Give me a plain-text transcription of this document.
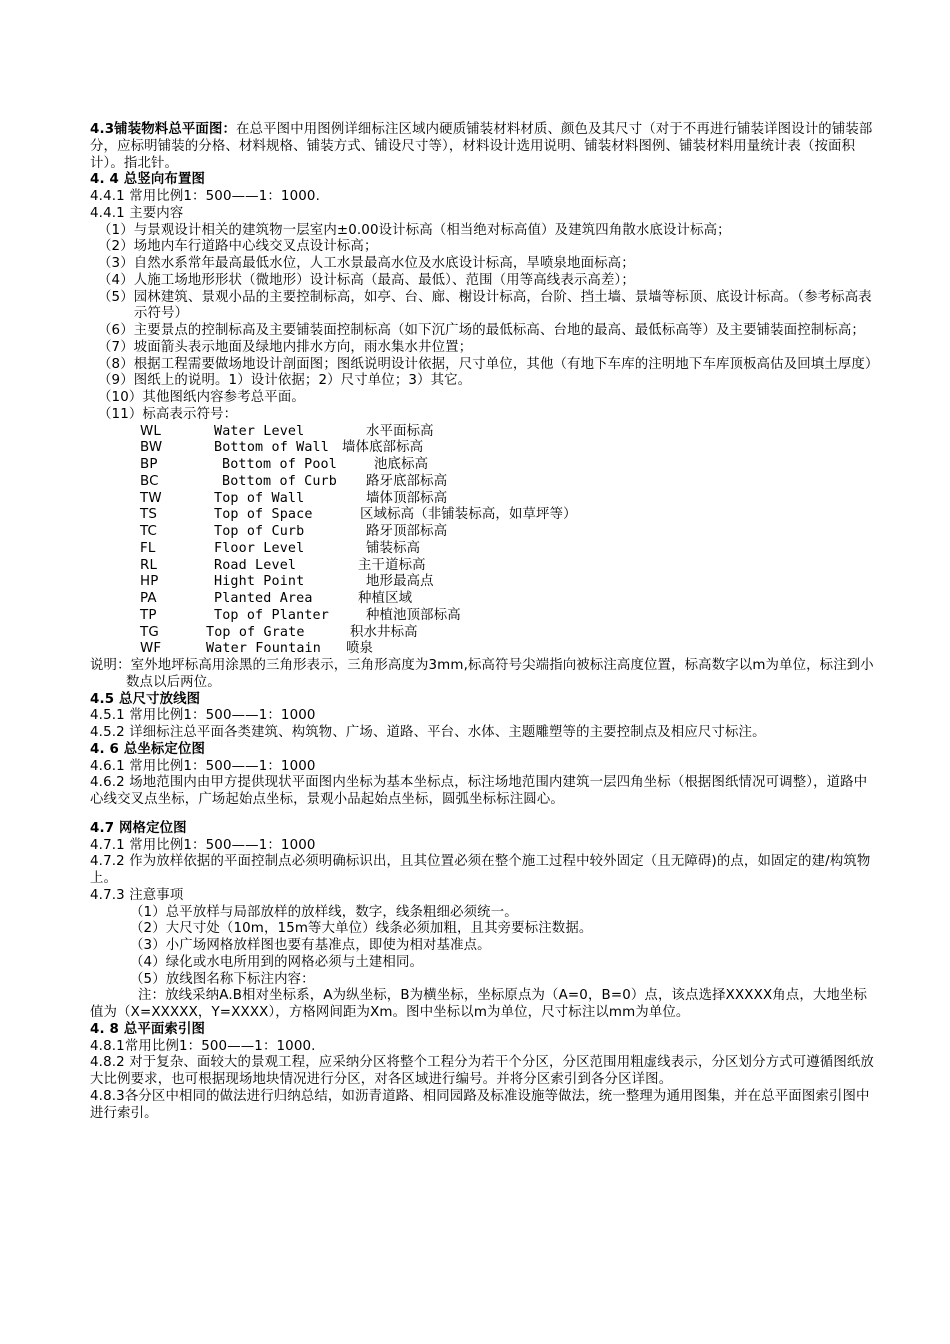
4.3铺装物料总平面图：在总平图中用图例详细标注区域内硬质铺装材料材质、颜色及其尺寸（对于不再进行铺装详图设计的铺装部分，应标明铺装的分格、材料规格、铺装方式、铺设尺寸等），材料设计选用说明、铺装材料图例、铺装材料用量统计表（按面积计）。指北针。
4. 4 总竖向布置图
4.4.1 常用比例1：500——1：1000.
4.4.1 主要内容
（1）与景观设计相关的建筑物一层室内±0.00设计标高（相当绝对标高值）及建筑四角散水底设计标高；
（2）场地内车行道路中心线交叉点设计标高；
（3）自然水系常年最高最低水位，人工水景最高水位及水底设计标高，旱喷泉地面标高；
（4）人施工场地形形状（微地形）设计标高（最高、最低）、范围（用等高线表示高差）；
（5）园林建筑、景观小品的主要控制标高，如亭、台、廊、榭设计标高，台阶、挡土墙、景墙等标顶、底设计标高。（参考标高表示符号）
（6）主要景点的控制标高及主要铺装面控制标高（如下沉广场的最低标高、台地的最高、最低标高等）及主要铺装面控制标高；
（7）坡面箭头表示地面及绿地内排水方向，雨水集水井位置；
（8）根据工程需要做场地设计剖面图；图纸说明设计依据，尺寸单位，其他（有地下车库的注明地下车库顶板高估及回填土厚度）
（9）图纸上的说明。1）设计依据；2）尺寸单位；3）其它。
（10）其他图纸内容参考总平面。
（11）标高表示符号：
WL	Water Level	水平面标高
BW	Bottom of Wall 墙体底部标高
BP	Bottom of Pool	池底标高
BC	Bottom of Curb 路牙底部标高
TW	Top of Wall	墙体顶部标高
TS	Top of Space	区域标高（非铺装标高，如草坪等）
TC	Top of Curb	路牙顶部标高
FL	Floor Level	铺装标高
RL	Road Level	主干道标高
HP	Hight Point	地形最高点
PA	Planted Area	种植区域
TP	Top of Planter	种植池顶部标高
TG	Top of Grate	积水井标高
WF	Water Fountain 喷泉
说明：室外地坪标高用涂黑的三角形表示，三角形高度为3mm,标高符号尖端指向被标注高度位置，标高数字以m为单位，标注到小数点以后两位。
4.5 总尺寸放线图
4.5.1 常用比例1：500——1：1000
4.5.2 详细标注总平面各类建筑、构筑物、广场、道路、平台、水体、主题雕塑等的主要控制点及相应尺寸标注。
4. 6 总坐标定位图
4.6.1 常用比例1：500——1：1000
4.6.2 场地范围内由甲方提供现状平面图内坐标为基本坐标点，标注场地范围内建筑一层四角坐标（根据图纸情况可调整），道路中心线交叉点坐标，广场起始点坐标，景观小品起始点坐标，圆弧坐标标注圆心。
4.7 网格定位图
4.7.1 常用比例1：500——1：1000
4.7.2 作为放样依据的平面控制点必须明确标识出，且其位置必须在整个施工过程中较外固定（且无障碍)的点，如固定的建/构筑物上。
4.7.3 注意事项
（1）总平放样与局部放样的放样线，数字，线条粗细必须统一。
（2）大尺寸处（10m，15m等大单位）线条必须加粗，且其旁要标注数据。
（3）小广场网格放样图也要有基准点，即使为相对基准点。
（4）绿化或水电所用到的网格必须与土建相同。
（5）放线图名称下标注内容：
注：放线采纳A.B相对坐标系，A为纵坐标，B为横坐标，坐标原点为（A=0，B=0）点，该点选择XXXXX角点，大地坐标值为（X=XXXXX，Y=XXXX），方格网间距为Xm。图中坐标以m为单位，尺寸标注以mm为单位。
4. 8 总平面索引图
4.8.1常用比例1：500——1：1000.
4.8.2 对于复杂、面较大的景观工程，应采纳分区将整个工程分为若干个分区，分区范围用粗虚线表示，分区划分方式可遵循图纸放大比例要求，也可根据现场地块情况进行分区，对各区域进行编号。并将分区索引到各分区详图。
4.8.3各分区中相同的做法进行归纳总结，如沥青道路、相同园路及标准设施等做法，统一整理为通用图集，并在总平面图索引图中进行索引。
